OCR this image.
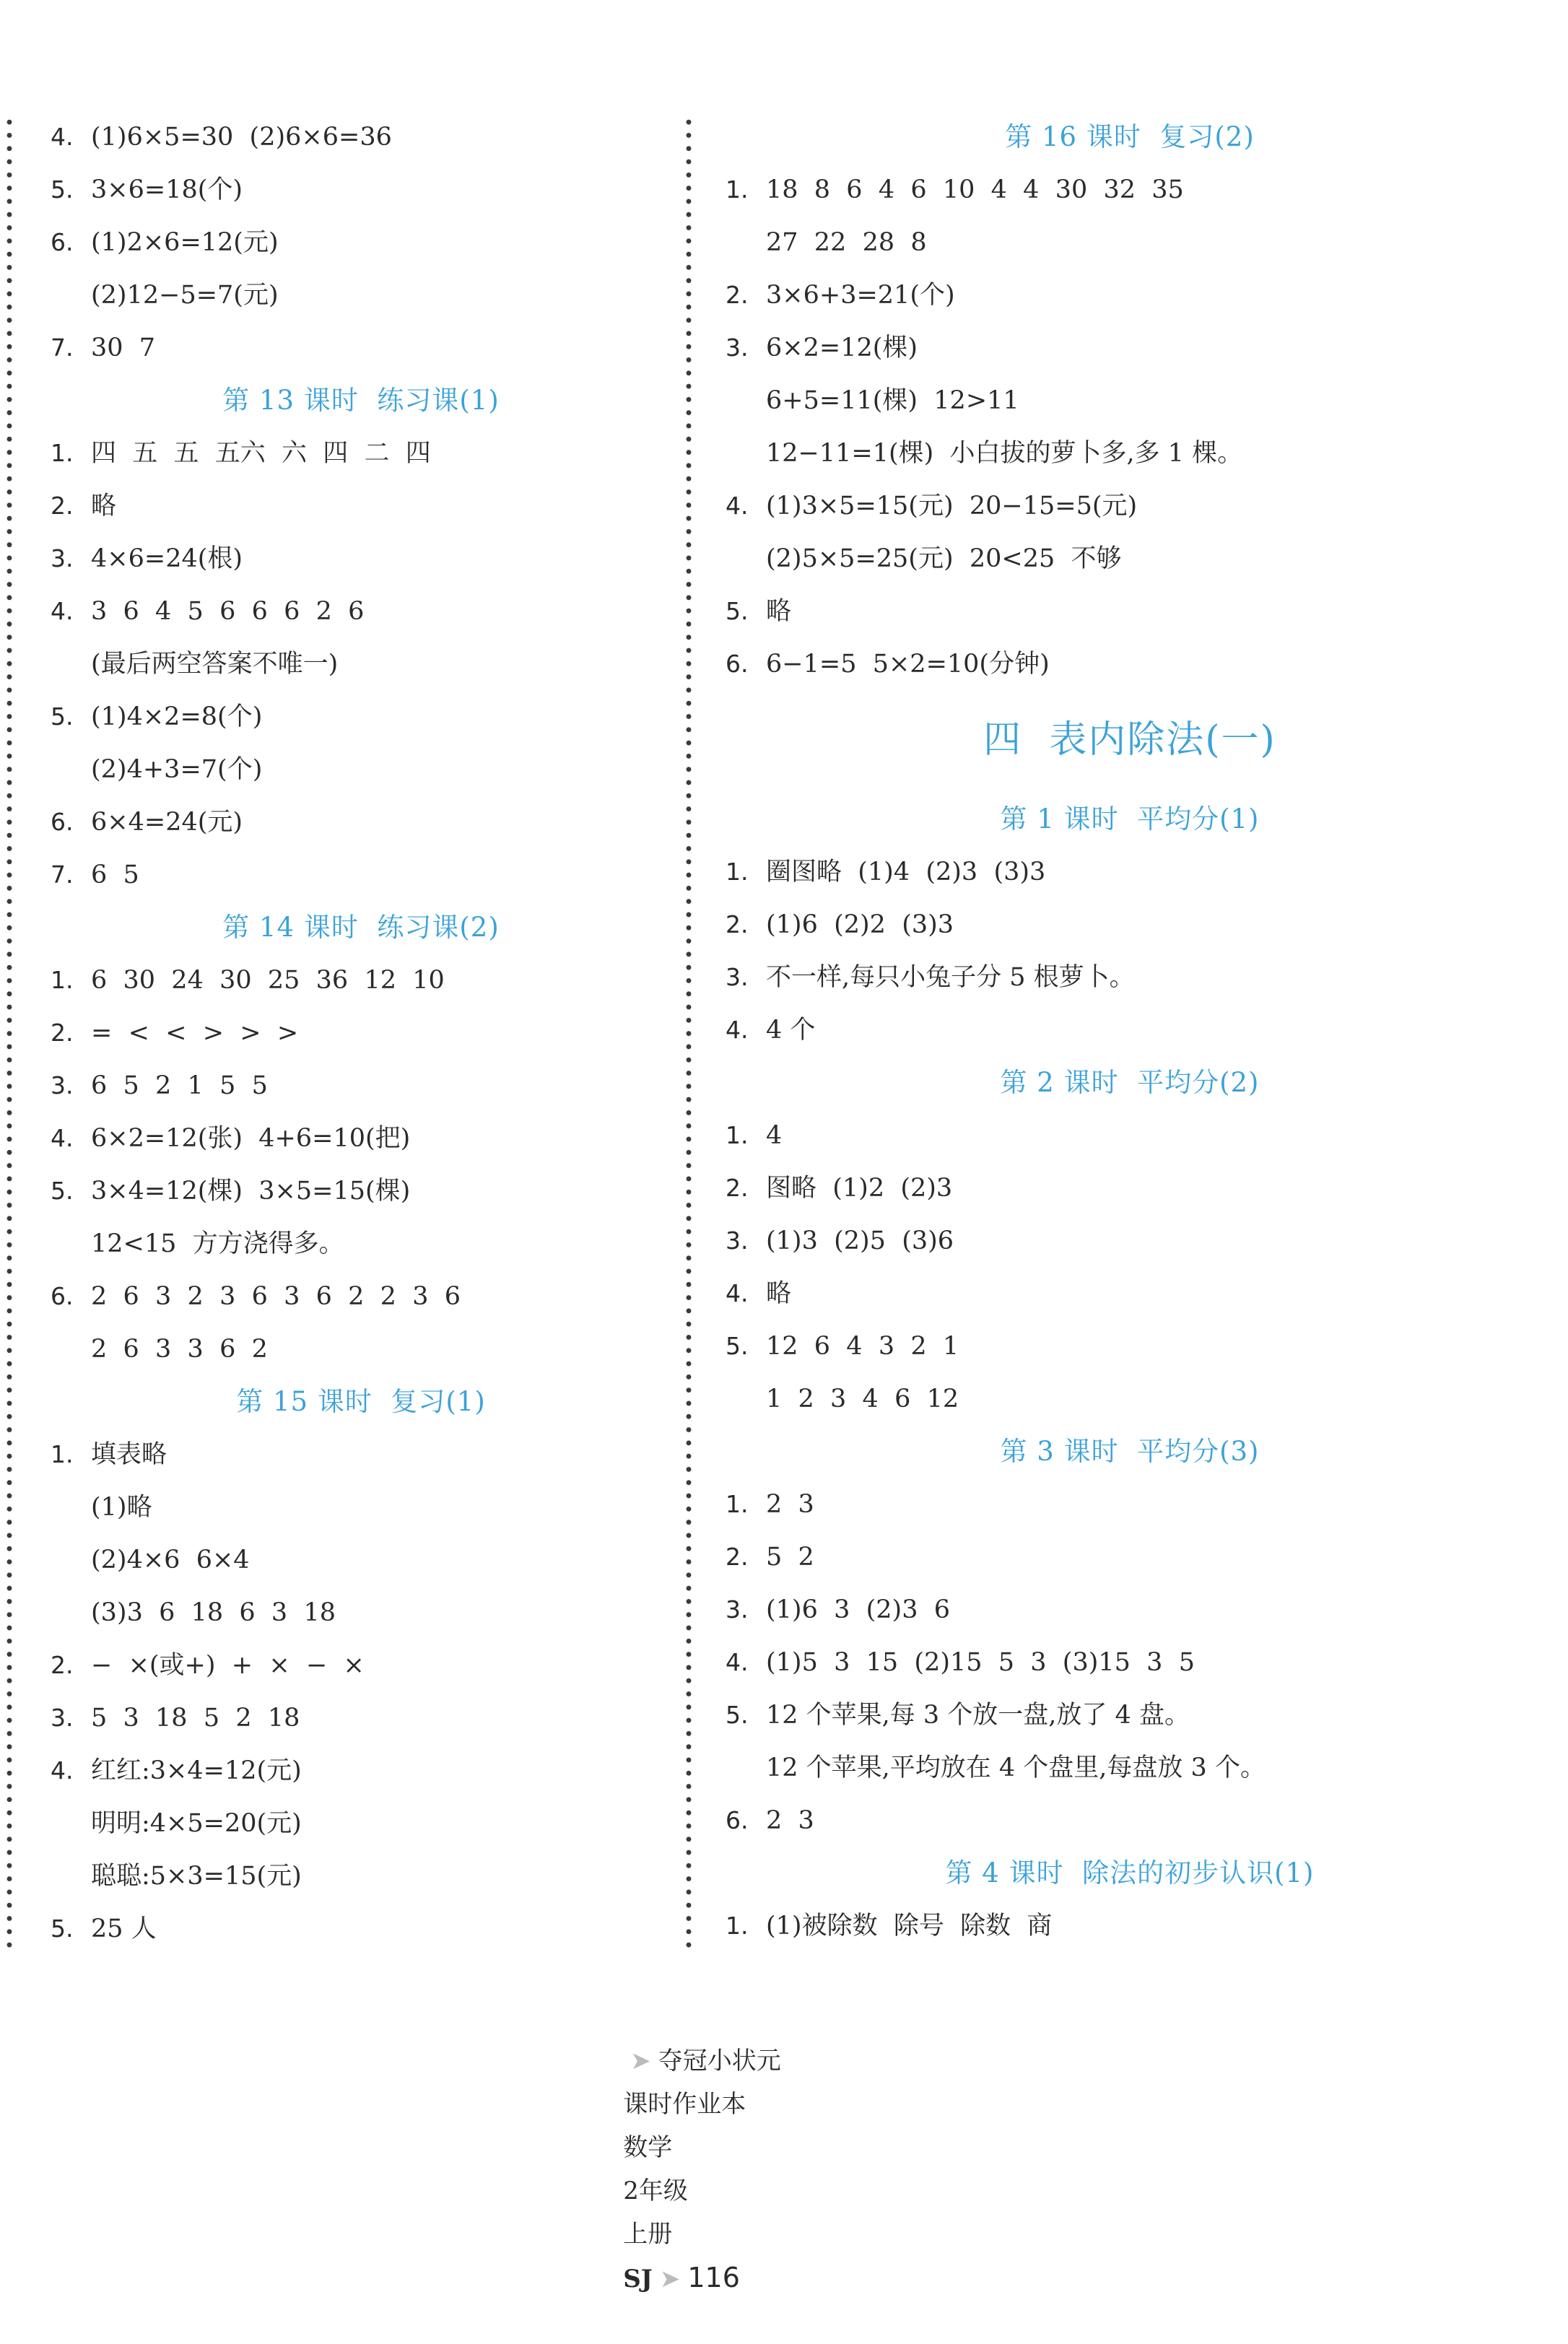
4. (1)6×5=30  (2)6×6=36
5. 3×6=18(个)
6. (1)2×6=12(元)
(2)12−5=7(元)
7. 30  7
第 13 课时  练习课(1)
1. 四  五  五  五六  六  四  二  四
2. 略
3. 4×6=24(根)
4. 3  6  4  5  6  6  6  2  6
(最后两空答案不唯一)
5. (1)4×2=8(个)
(2)4+3=7(个)
6. 6×4=24(元)
7. 6  5
第 14 课时  练习课(2)
1. 6  30  24  30  25  36  12  10
2. =  <  <  >  >  >
3. 6  5  2  1  5  5
4. 6×2=12(张)  4+6=10(把)
5. 3×4=12(棵)  3×5=15(棵)
12<15  方方浇得多。
6. 2  6  3  2  3  6  3  6  2  2  3  6
2  6  3  3  6  2
第 15 课时  复习(1)
1. 填表略
(1)略
(2)4×6  6×4
(3)3  6  18  6  3  18
2. −  ×(或+)  +  ×  −  ×
3. 5  3  18  5  2  18
4. 红红:3×4=12(元)
明明:4×5=20(元)
聪聪:5×3=15(元)
5. 25 人
第 16 课时  复习(2)
1. 18  8  6  4  6  10  4  4  30  32  35
27  22  28  8
2. 3×6+3=21(个)
3. 6×2=12(棵)
6+5=11(棵)  12>11
12−11=1(棵)  小白拔的萝卜多,多 1 棵。
4. (1)3×5=15(元)  20−15=5(元)
(2)5×5=25(元)  20<25  不够
5. 略
6. 6−1=5  5×2=10(分钟)
四  表内除法(一)
第 1 课时  平均分(1)
1. 圈图略  (1)4  (2)3  (3)3
2. (1)6  (2)2  (3)3
3. 不一样,每只小兔子分 5 根萝卜。
4. 4 个
第 2 课时  平均分(2)
1. 4
2. 图略  (1)2  (2)3
3. (1)3  (2)5  (3)6
4. 略
5. 12  6  4  3  2  1
1  2  3  4  6  12
第 3 课时  平均分(3)
1. 2  3
2. 5  2
3. (1)6  3  (2)3  6
4. (1)5  3  15  (2)15  5  3  (3)15  3  5
5. 12 个苹果,每 3 个放一盘,放了 4 盘。
12 个苹果,平均放在 4 个盘里,每盘放 3 个。
6. 2  3
第 4 课时  除法的初步认识(1)
1. (1)被除数  除号  除数  商

➤ 夺冠小状元
课时作业本
数学
2年级
上册
SJ ➤ 116
